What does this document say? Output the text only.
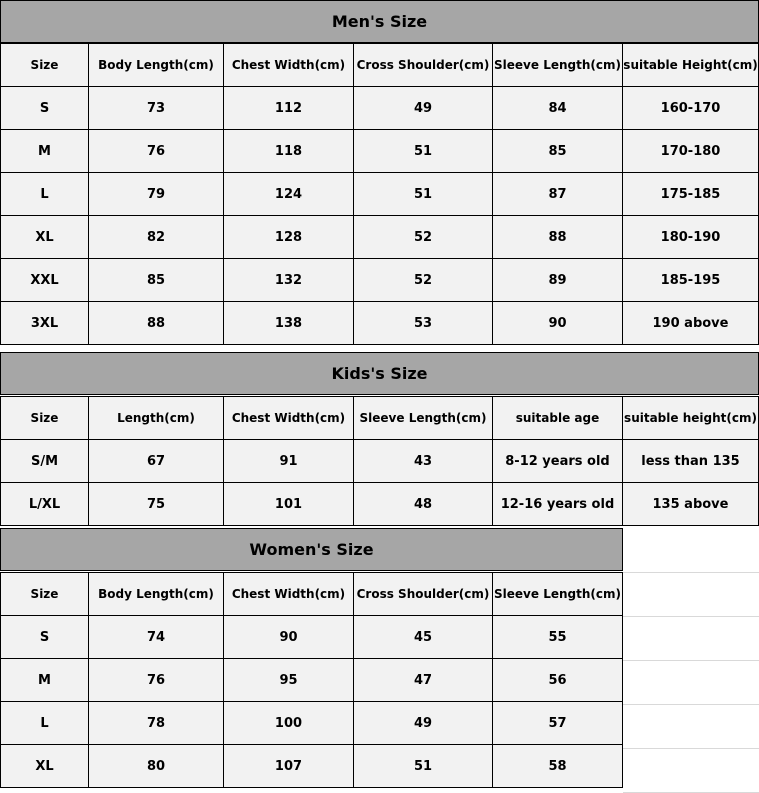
Men's Size
Size	Body Length(cm)	Chest Width(cm)	Cross Shoulder(cm)	Sleeve Length(cm)	suitable Height(cm)
S	73	112	49	84	160-170
M	76	118	51	85	170-180
L	79	124	51	87	175-185
XL	82	128	52	88	180-190
XXL	85	132	52	89	185-195
3XL	88	138	53	90	190 above
Kids's Size
Size	Length(cm)	Chest Width(cm)	Sleeve Length(cm)	suitable age	suitable height(cm)
S/M	67	91	43	8-12 years old	less than 135
L/XL	75	101	48	12-16 years old	135 above
Women's Size
Size	Body Length(cm)	Chest Width(cm)	Cross Shoulder(cm)	Sleeve Length(cm)
S	74	90	45	55
M	76	95	47	56
L	78	100	49	57
XL	80	107	51	58
